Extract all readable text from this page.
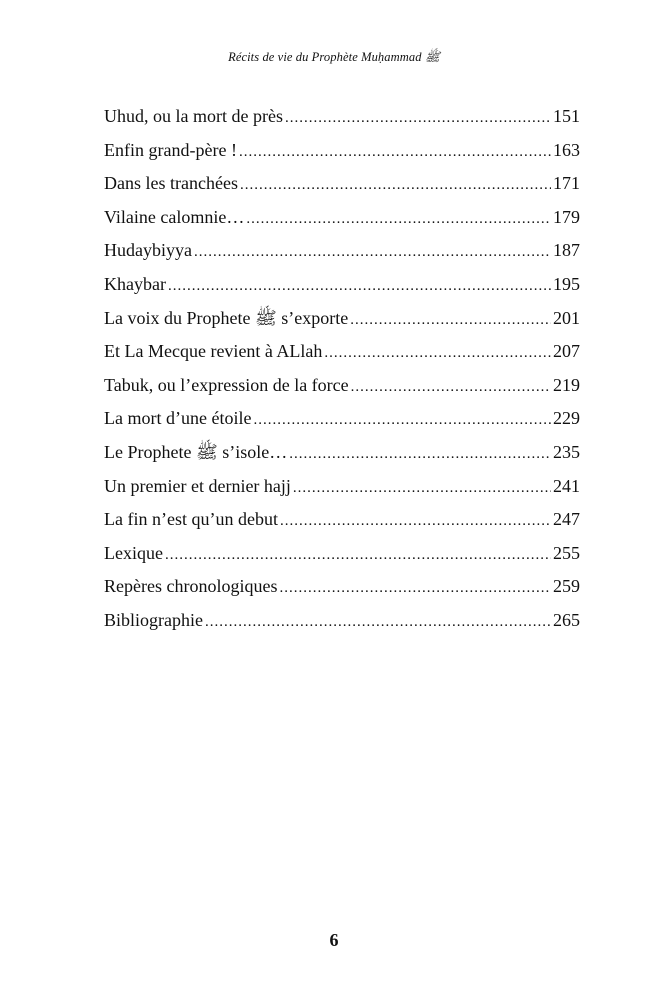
Récits de vie du Prophète Muḥammad ﷺ
Uhud, ou la mort de près .....	151
Enfin grand-père ! .....	163
Dans les tranchées .....	171
Vilaine calomnie… .....	179
Hudaybiyya .....	187
Khaybar .....	195
La voix du Prophete ﷺ s’exporte .....	201
Et La Mecque revient à ALlah .....	207
Tabuk, ou l’expression de la force .....	219
La mort d’une étoile .....	229
Le Prophete ﷺ s’isole… .....	235
Un premier et dernier hajj .....	241
La fin n’est qu’un debut .....	247
Lexique .....	255
Repères chronologiques .....	259
Bibliographie .....	265
6
